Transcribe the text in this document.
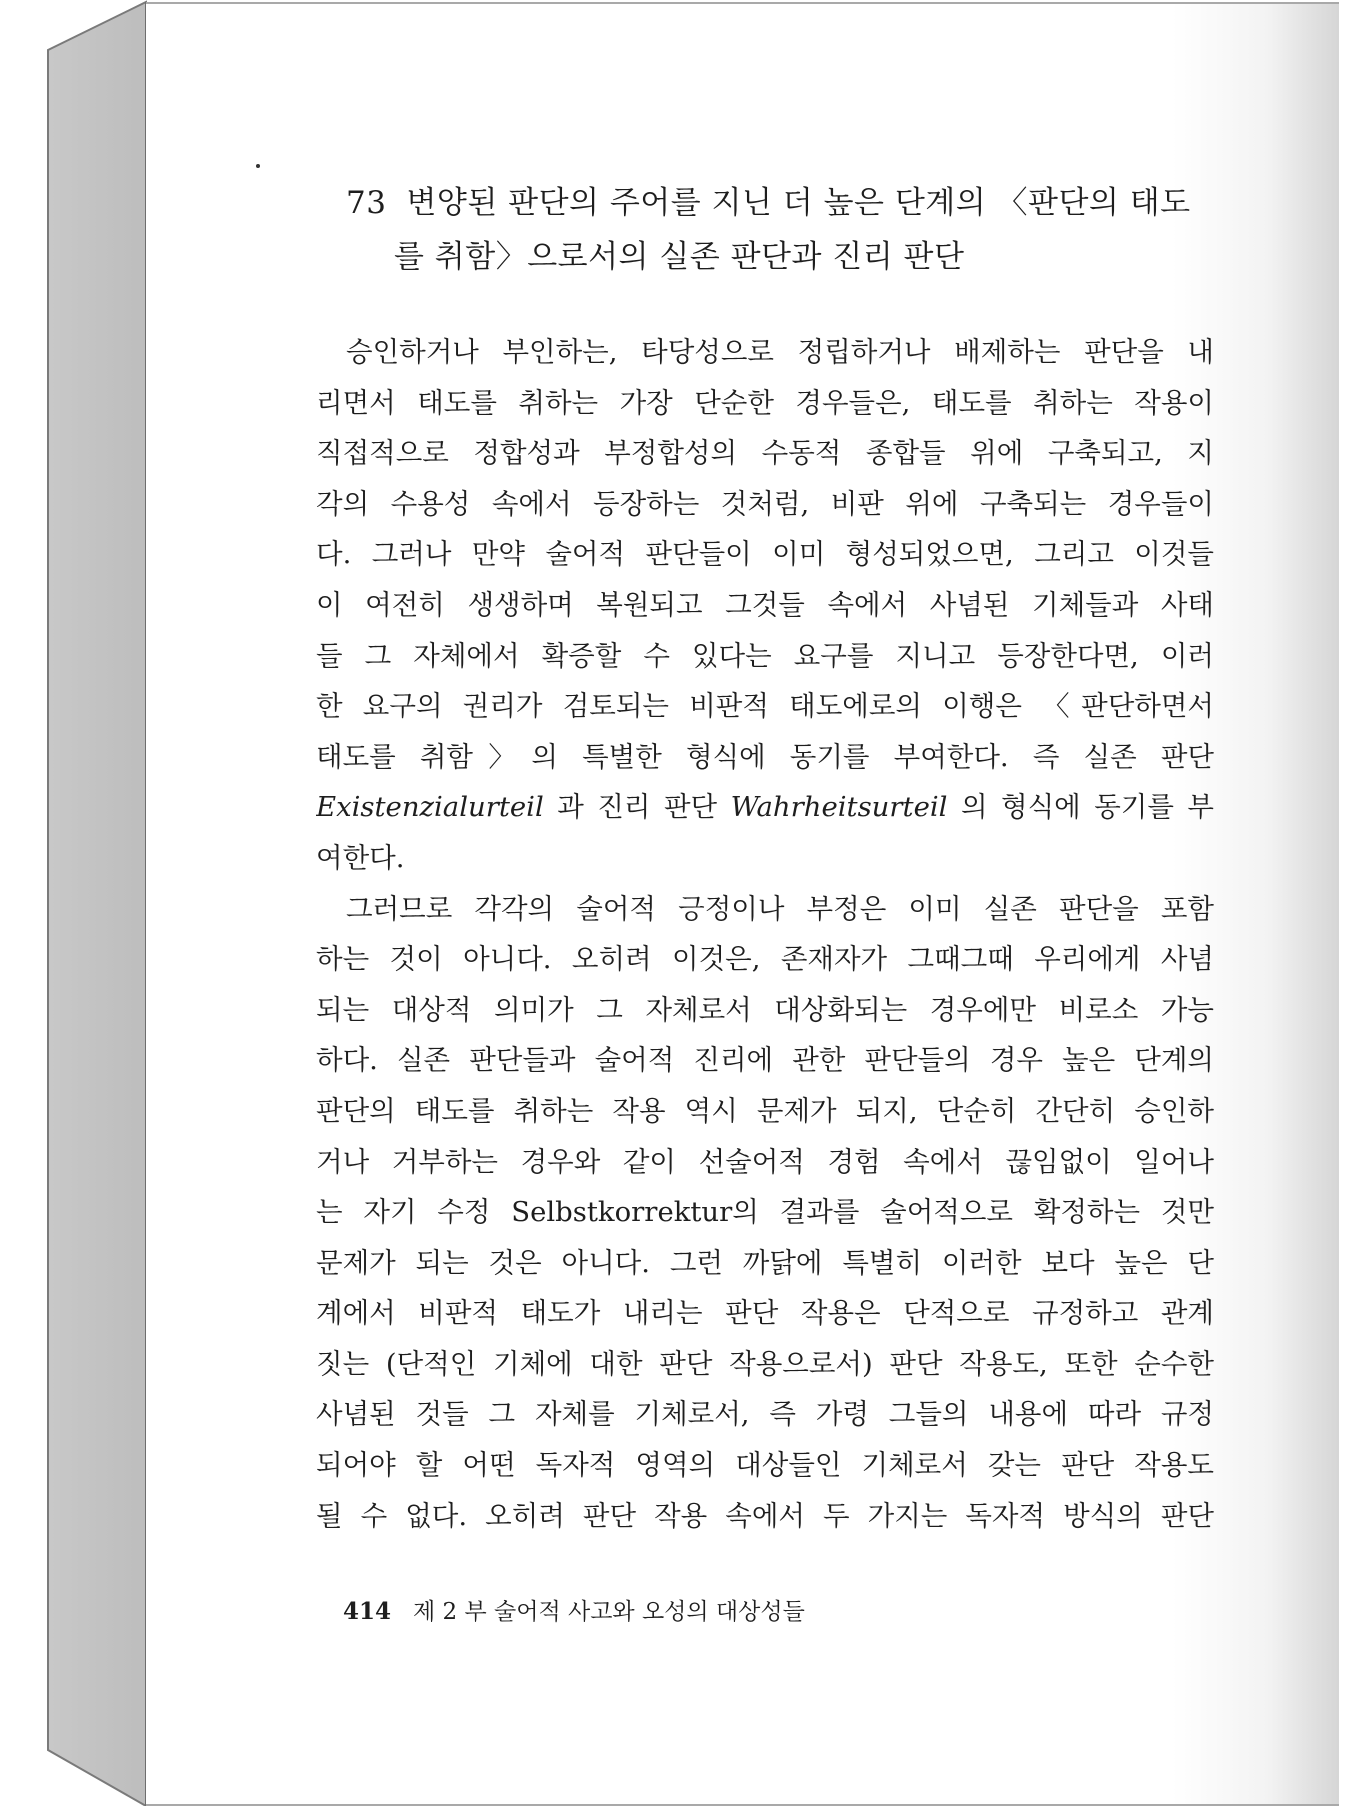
73 변양된 판단의 주어를 지닌 더 높은 단계의 〈판단의 태도
를 취함〉으로서의 실존 판단과 진리 판단
승인하거나 부인하는, 타당성으로 정립하거나 배제하는 판단을 내
리면서 태도를 취하는 가장 단순한 경우들은, 태도를 취하는 작용이
직접적으로 정합성과 부정합성의 수동적 종합들 위에 구축되고, 지
각의 수용성 속에서 등장하는 것처럼, 비판 위에 구축되는 경우들이
다. 그러나 만약 술어적 판단들이 이미 형성되었으면, 그리고 이것들
이 여전히 생생하며 복원되고 그것들 속에서 사념된 기체들과 사태
들 그 자체에서 확증할 수 있다는 요구를 지니고 등장한다면, 이러
한 요구의 권리가 검토되는 비판적 태도에로의 이행은 〈판단하면서
태도를 취함〉의 특별한 형식에 동기를 부여한다. 즉 실존 판단
Existenzialurteil 과 진리 판단 Wahrheitsurteil 의 형식에 동기를 부
여한다.
그러므로 각각의 술어적 긍정이나 부정은 이미 실존 판단을 포함
하는 것이 아니다. 오히려 이것은, 존재자가 그때그때 우리에게 사념
되는 대상적 의미가 그 자체로서 대상화되는 경우에만 비로소 가능
하다. 실존 판단들과 술어적 진리에 관한 판단들의 경우 높은 단계의
판단의 태도를 취하는 작용 역시 문제가 되지, 단순히 간단히 승인하
거나 거부하는 경우와 같이 선술어적 경험 속에서 끊임없이 일어나
는 자기 수정 Selbstkorrektur의 결과를 술어적으로 확정하는 것만
문제가 되는 것은 아니다. 그런 까닭에 특별히 이러한 보다 높은 단
계에서 비판적 태도가 내리는 판단 작용은 단적으로 규정하고 관계
짓는 (단적인 기체에 대한 판단 작용으로서) 판단 작용도, 또한 순수한
사념된 것들 그 자체를 기체로서, 즉 가령 그들의 내용에 따라 규정
되어야 할 어떤 독자적 영역의 대상들인 기체로서 갖는 판단 작용도
될 수 없다. 오히려 판단 작용 속에서 두 가지는 독자적 방식의 판단
414 제 2 부 술어적 사고와 오성의 대상성들
